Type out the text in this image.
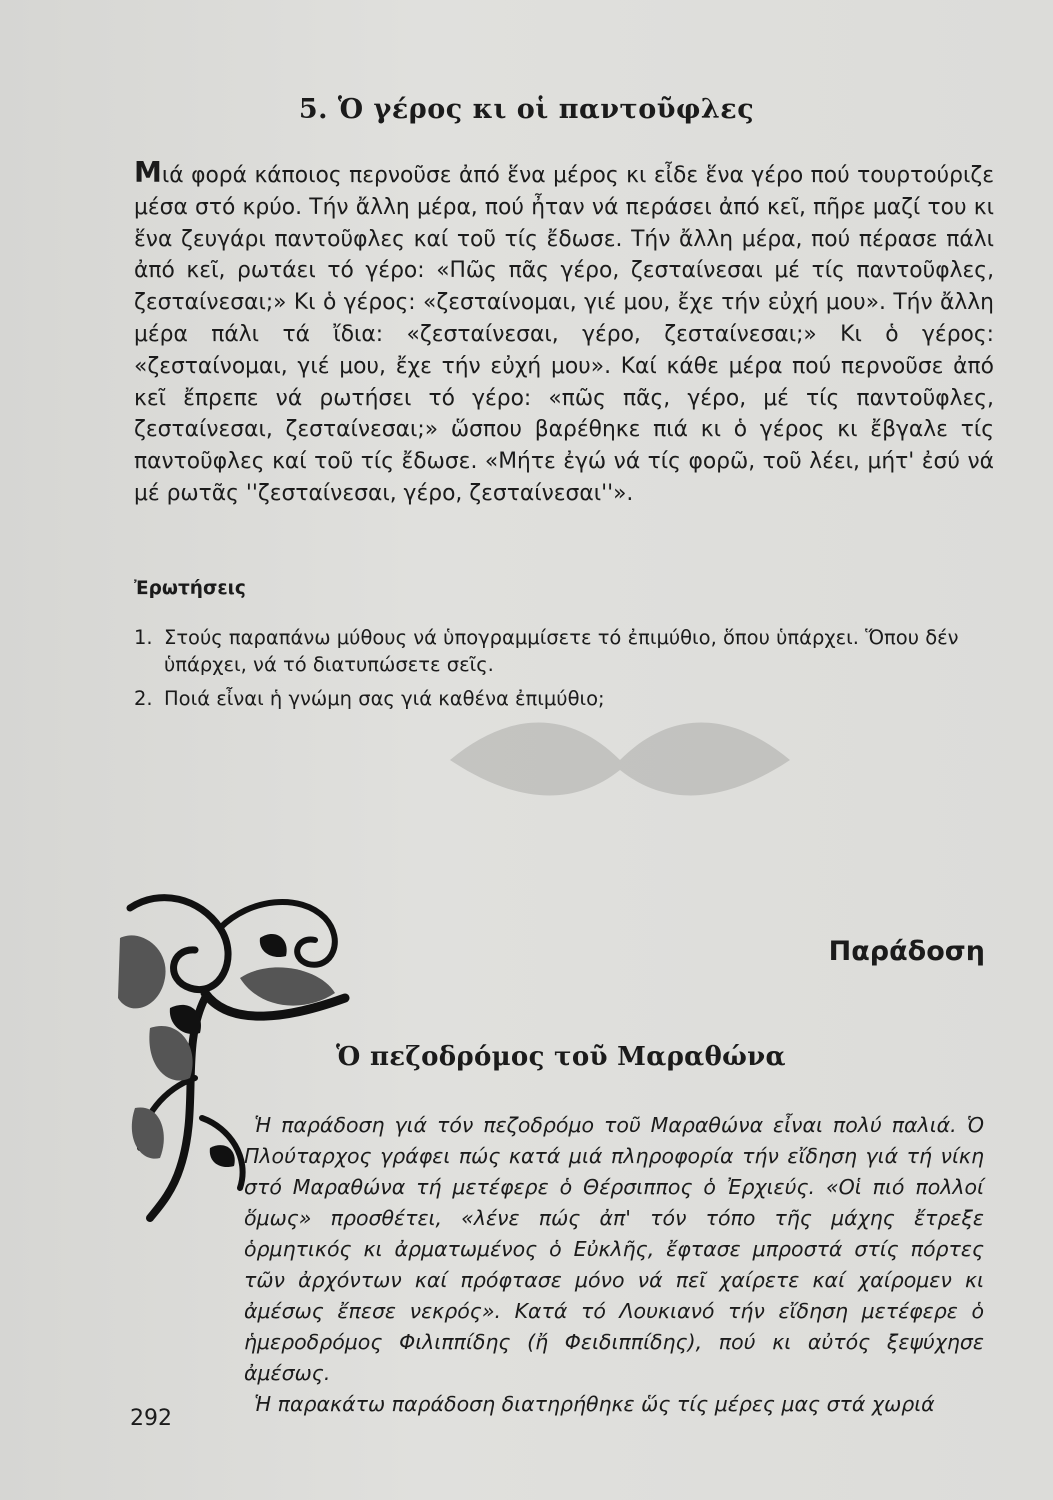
5. Ὁ γέρος κι οἱ παντοῦφλες

Μιά φορά κάποιος περνοῦσε ἀπό ἕνα μέρος κι εἶδε ἕνα γέρο πού τουρτούριζε μέσα στό κρύο. Τήν ἄλλη μέρα, πού ἦταν νά περάσει ἀπό κεῖ, πῆρε μαζί του κι ἕνα ζευγάρι παντοῦφλες καί τοῦ τίς ἔδωσε. Τήν ἄλλη μέρα, πού πέρασε πάλι ἀπό κεῖ, ρωτάει τό γέρο: «Πῶς πᾶς γέρο, ζεσταίνεσαι μέ τίς παντοῦφλες, ζεσταίνεσαι;» Κι ὁ γέρος: «ζεσταίνομαι, γιέ μου, ἔχε τήν εὐχή μου». Τήν ἄλλη μέρα πάλι τά ἴδια: «ζεσταίνεσαι, γέρο, ζεσταίνεσαι;» Κι ὁ γέρος: «ζεσταίνομαι, γιέ μου, ἔχε τήν εὐχή μου». Καί κάθε μέρα πού περνοῦσε ἀπό κεῖ ἔπρεπε νά ρωτήσει τό γέρο: «πῶς πᾶς, γέρο, μέ τίς παντοῦφλες, ζεσταίνεσαι, ζεσταίνεσαι;» ὥσπου βαρέθηκε πιά κι ὁ γέρος κι ἔβγαλε τίς παντοῦφλες καί τοῦ τίς ἔδωσε. «Μήτε ἐγώ νά τίς φορῶ, τοῦ λέει, μήτ' ἐσύ νά μέ ρωτᾶς ''ζεσταίνεσαι, γέρο, ζεσταίνεσαι''».

Ἐρωτήσεις
1. Στούς παραπάνω μύθους νά ὑπογραμμίσετε τό ἐπιμύθιο, ὅπου ὑπάρχει. Ὅπου δέν ὑπάρχει, νά τό διατυπώσετε σεῖς.
2. Ποιά εἶναι ἡ γνώμη σας γιά καθένα ἐπιμύθιο;
Παράδοση
Ὁ πεζοδρόμος τοῦ Μαραθώνα

Ἡ παράδοση γιά τόν πεζοδρόμο τοῦ Μαραθώνα εἶναι πολύ παλιά. Ὁ Πλούταρχος γράφει πώς κατά μιά πληροφορία τήν εἴδηση γιά τή νίκη στό Μαραθώνα τή μετέφερε ὁ Θέρσιππος ὁ Ἐρχιεύς. «Οἱ πιό πολλοί ὅμως» προσθέτει, «λένε πώς ἀπ' τόν τόπο τῆς μάχης ἔτρεξε ὁρμητικός κι ἀρματωμένος ὁ Εὐκλῆς, ἔφτασε μπροστά στίς πόρτες τῶν ἀρχόντων καί πρόφτασε μόνο νά πεῖ χαίρετε καί χαίρομεν κι ἀμέσως ἔπεσε νεκρός». Κατά τό Λουκιανό τήν εἴδηση μετέφερε ὁ ἡμεροδρόμος Φιλιππίδης (ἤ Φειδιππίδης), πού κι αὐτός ξεψύχησε ἀμέσως.

Ἡ παρακάτω παράδοση διατηρήθηκε ὥς τίς μέρες μας στά χωριά

292
